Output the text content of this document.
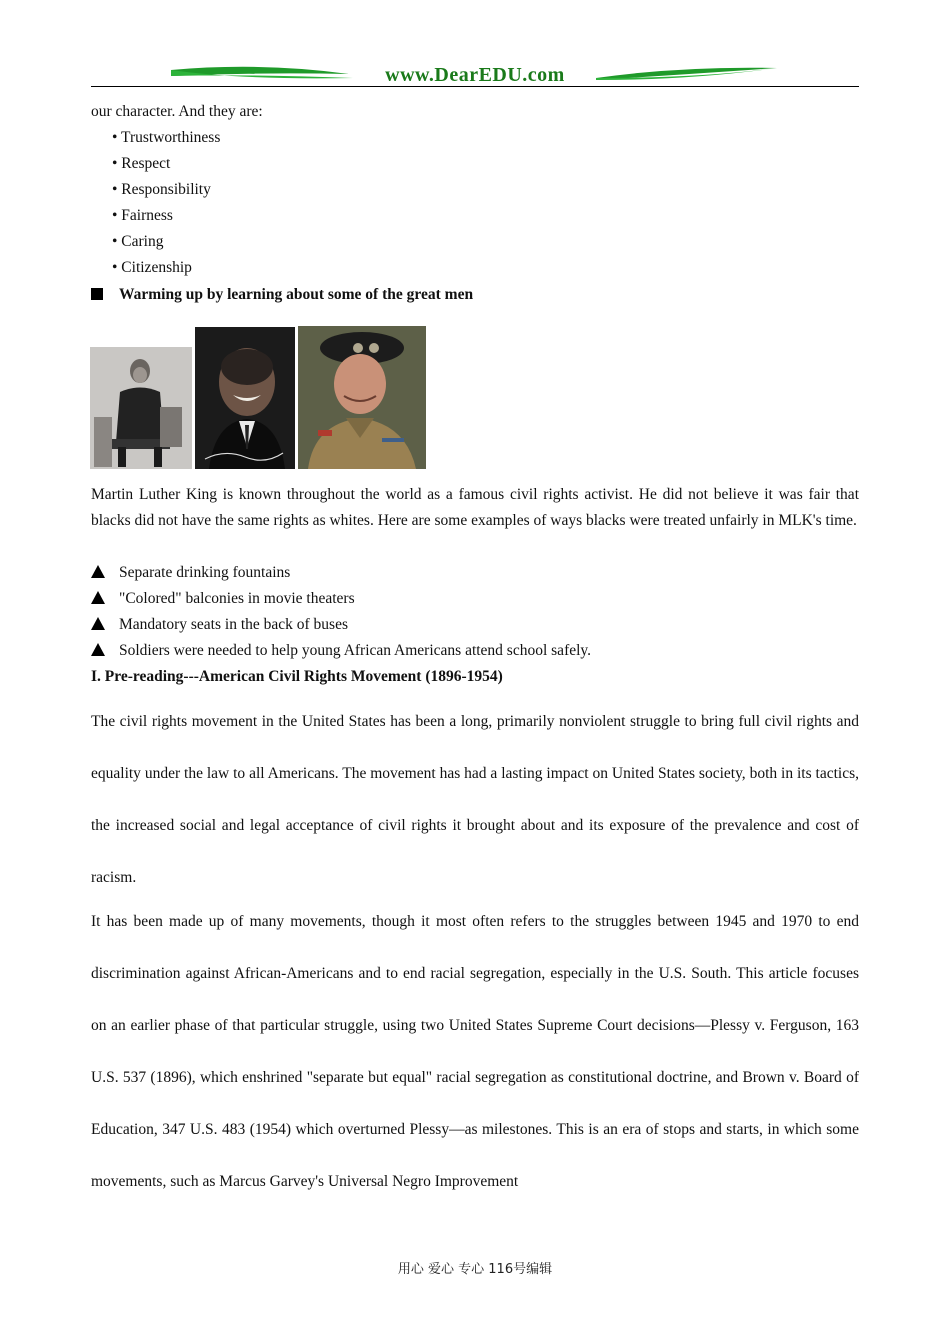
www.DearEDU.com
our character. And they are:
• Trustworthiness
• Respect
• Responsibility
• Fairness
• Caring
• Citizenship
Warming up by learning about some of the great men
Martin Luther King is known throughout the world as a famous civil rights activist. He did not believe it was fair that blacks did not have the same rights as whites. Here are some examples of ways blacks were treated unfairly in MLK's time.
Separate drinking fountains
"Colored" balconies in movie theaters
Mandatory seats in the back of buses
Soldiers were needed to help young African Americans attend school safely.
I. Pre-reading---American Civil Rights Movement (1896-1954)
The civil rights movement in the United States has been a long, primarily nonviolent struggle to bring full civil rights and equality under the law to all Americans. The movement has had a lasting impact on United States society, both in its tactics, the increased social and legal acceptance of civil rights it brought about and its exposure of the prevalence and cost of racism.
It has been made up of many movements, though it most often refers to the struggles between 1945 and 1970 to end discrimination against African-Americans and to end racial segregation, especially in the U.S. South. This article focuses on an earlier phase of that particular struggle, using two United States Supreme Court decisions—Plessy v. Ferguson, 163 U.S. 537 (1896), which enshrined "separate but equal" racial segregation as constitutional doctrine, and Brown v. Board of Education, 347 U.S. 483 (1954) which overturned Plessy—as milestones. This is an era of stops and starts, in which some movements, such as Marcus Garvey's Universal Negro Improvement
用心 爱心 专心 116号编辑
